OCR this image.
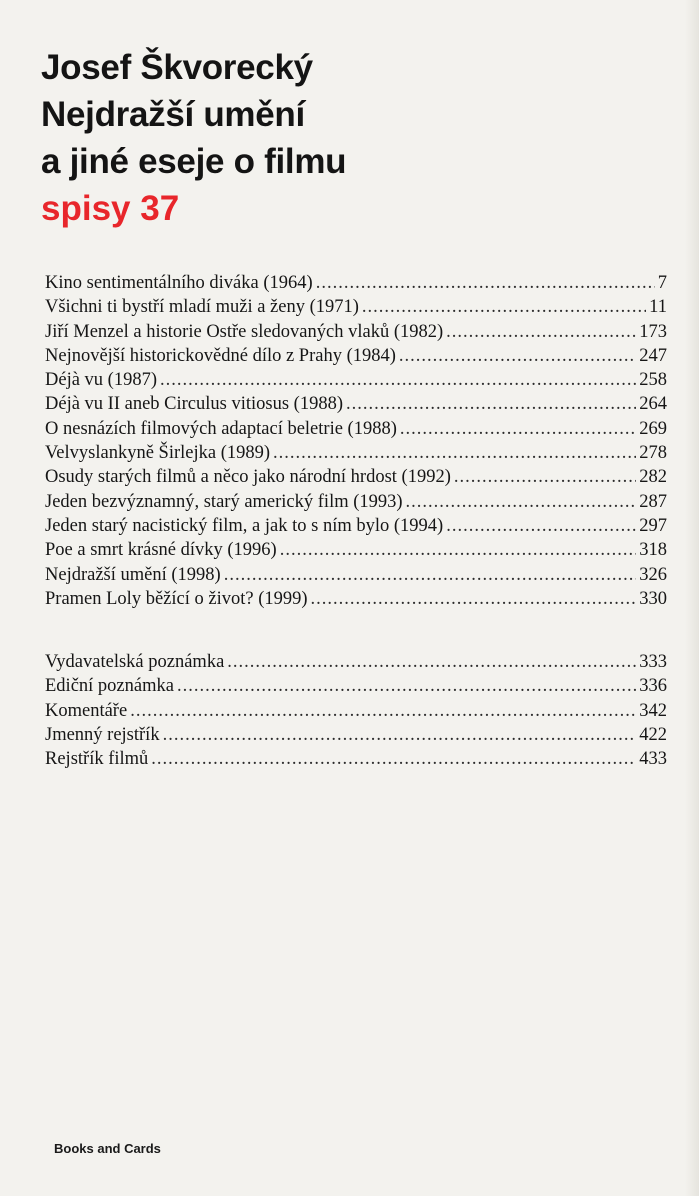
Josef Škvorecký
Nejdražší umění
a jiné eseje o filmu
spisy 37
Kino sentimentálního diváka (1964) .....	7
Všichni ti bystří mladí muži a ženy (1971) .....	11
Jiří Menzel a historie Ostře sledovaných vlaků (1982) .....	173
Nejnovější historickovědné dílo z Prahy (1984) .....	247
Déjà vu (1987) .....	258
Déjà vu II aneb Circulus vitiosus (1988) .....	264
O nesnázích filmových adaptací beletrie (1988) .....	269
Velvyslankyně Širlejka (1989) .....	278
Osudy starých filmů a něco jako národní hrdost (1992) .....	282
Jeden bezvýznamný, starý americký film (1993) .....	287
Jeden starý nacistický film, a jak to s ním bylo (1994) .....	297
Poe a smrt krásné dívky (1996) .....	318
Nejdražší umění (1998) .....	326
Pramen Loly běžící o život? (1999) .....	330
Vydavatelská poznámka .....	333
Ediční poznámka .....	336
Komentáře .....	342
Jmenný rejstřík .....	422
Rejstřík filmů .....	433
Books and Cards
